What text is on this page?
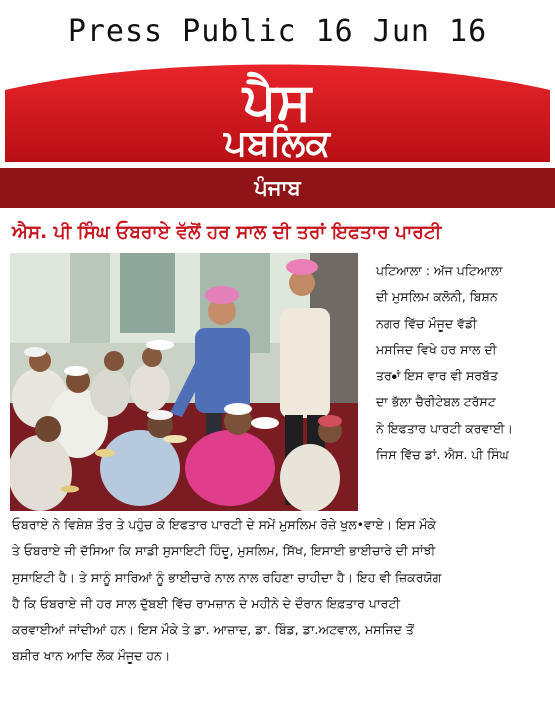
Press Public 16 Jun 16
ਪੈਸ
ਪਬਲਿਕ
ਪੰਜਾਬ
ਐਸ. ਪੀ ਸਿੰਘ ਓਬਰਾਏ ਵੱਲੋਂ ਹਰ ਸਾਲ ਦੀ ਤਰਾਂ ਇਫਤਾਰ ਪਾਰਟੀ
ਪਟਿਆਲਾ : ਅੱਜ ਪਟਿਆਲਾ
ਦੀ ਮੁਸਲਿਮ ਕਲੋਨੀ, ਬਿਸ਼ਨ
ਨਗਰ ਵਿੱਚ ਮੌਜੂਦ ਵੱਡੀ
ਮਸਜਿਦ ਵਿਖੇ ਹਰ ਸਾਲ ਦੀ
ਤਰ•ਾਂ ਇਸ ਵਾਰ ਵੀ ਸਰਬੱਤ
ਦਾ ਭੱਲਾ ਚੈਰੀਟੇਬਲ ਟਰੱਸਟ
ਨੇ ਇਫਤਾਰ ਪਾਰਟੀ ਕਰਵਾਈ।
ਜਿਸ ਵਿੱਚ ਡਾਂ. ਐਸ. ਪੀ ਸਿੰਘ
ਓਬਰਾਏ ਨੇ ਵਿਸ਼ੇਸ਼ ਤੌਰ ਤੇ ਪਹੁੰਚ ਕੇ ਇਫਤਾਰ ਪਾਰਟੀ ਦੇ ਸਮੇਂ ਮੁਸਲਿਮ ਰੋਜ਼ੇ ਖੁਲ•ਵਾਏ। ਇਸ ਮੌਕੇ
ਤੇ ਓਬਰਾਏ ਜੀ ਦੱਸਿਆ ਕਿ ਸਾਡੀ ਸੁਸਾਇਟੀ ਹਿੰਦੂ, ਮੁਸਲਿਮ, ਸਿੱਖ, ਇਸਾਈ ਭਾਈਚਾਰੇ ਦੀ ਸਾਂਝੀ
ਸੁਸਾਇਟੀ ਹੈ। ਤੇ ਸਾਨੂੰ ਸਾਰਿਆਂ ਨੂੰ ਭਾਈਚਾਰੇ ਨਾਲ ਨਾਲ ਰਹਿਣਾ ਚਾਹੀਦਾ ਹੈ। ਇਹ ਵੀ ਜ਼ਿਕਰਯੋਗ
ਹੈ ਕਿ ਓਬਰਾਏ ਜੀ ਹਰ ਸਾਲ ਦੁੱਬਈ ਵਿੱਚ ਰਾਮਜ਼ਾਨ ਦੇ ਮਹੀਨੇ ਦੇ ਦੌਰਾਨ ਇਫ਼ਤਾਰ ਪਾਰਟੀ
ਕਰਵਾਈਆਂ ਜਾਂਦੀਆਂ ਹਨ। ਇਸ ਮੌਕੇ ਤੇ ਡਾ. ਆਜ਼ਾਦ, ਡਾ. ਬਿੰਡ, ਡਾ.ਅਟਵਾਲ, ਮਸਜਿਦ ਤੋਂ
ਬਸ਼ੀਰ ਖਾਨ ਆਦਿ ਲੋਕ ਮੌਜੂਦ ਹਨ।
